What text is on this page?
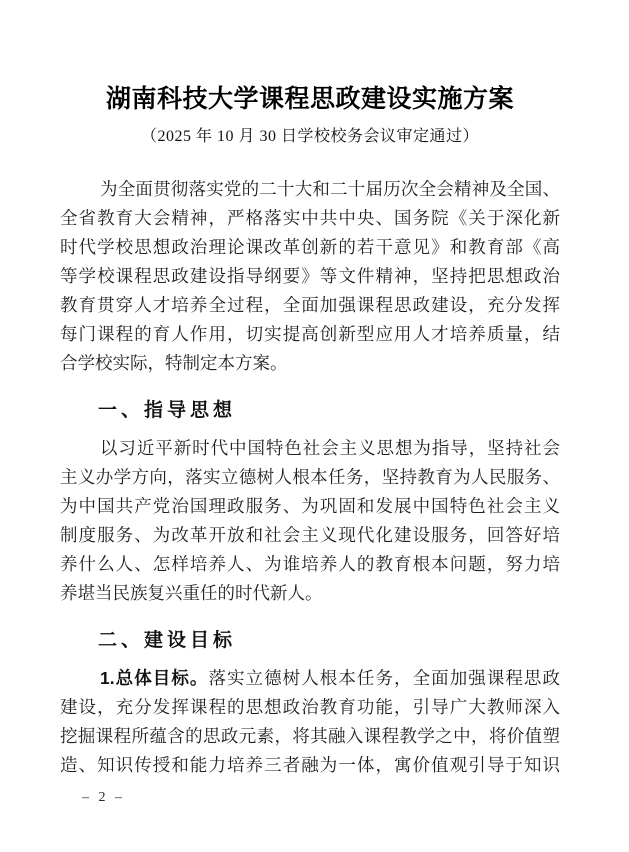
湖南科技大学课程思政建设实施方案
（2025 年 10 月 30 日学校校务会议审定通过）
为全面贯彻落实党的二十大和二十届历次全会精神及全国、
全省教育大会精神，严格落实中共中央、国务院《关于深化新
时代学校思想政治理论课改革创新的若干意见》和教育部《高
等学校课程思政建设指导纲要》等文件精神，坚持把思想政治
教育贯穿人才培养全过程，全面加强课程思政建设，充分发挥
每门课程的育人作用，切实提高创新型应用人才培养质量，结
合学校实际，特制定本方案。
一、指导思想
以习近平新时代中国特色社会主义思想为指导，坚持社会
主义办学方向，落实立德树人根本任务，坚持教育为人民服务、
为中国共产党治国理政服务、为巩固和发展中国特色社会主义
制度服务、为改革开放和社会主义现代化建设服务，回答好培
养什么人、怎样培养人、为谁培养人的教育根本问题，努力培
养堪当民族复兴重任的时代新人。
二、建设目标
1.总体目标。落实立德树人根本任务，全面加强课程思政
建设，充分发挥课程的思想政治教育功能，引导广大教师深入
挖掘课程所蕴含的思政元素，将其融入课程教学之中，将价值塑
造、知识传授和能力培养三者融为一体，寓价值观引导于知识
– 2 –
